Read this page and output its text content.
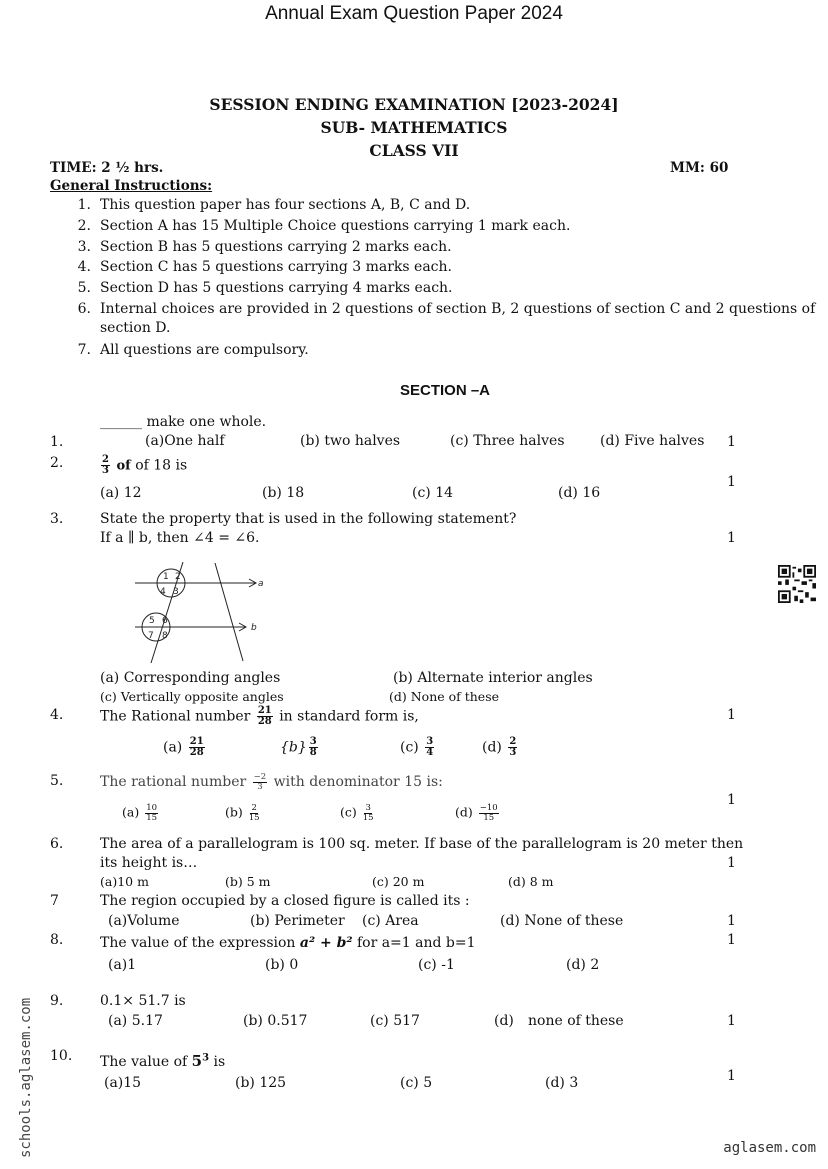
Annual Exam Question Paper 2024
SESSION ENDING EXAMINATION [2023-2024]
SUB- MATHEMATICS
CLASS VII
TIME: 2 ½ hrs.	MM: 60
General Instructions:
1. This question paper has four sections A, B, C and D.
2. Section A has 15 Multiple Choice questions carrying 1 mark each.
3. Section B has 5 questions carrying 2 marks each.
4. Section C has 5 questions carrying 3 marks each.
5. Section D has 5 questions carrying 4 marks each.
6. Internal choices are provided in 2 questions of section B, 2 questions of section C and 2 questions of
section D.
7. All questions are compulsory.
SECTION –A
______ make one whole.
1.	(a)One half	(b) two halves	(c) Three halves	(d) Five halves 1
2.	$\frac{2}{3}$ of of 18 is
(a) 12	(b) 18	(c) 14	(d) 16
1
3.	State the property that is used in the following statement?
If a ∥ b, then ∠4 = ∠6.	1
1 2
3
4
5 6
8
7
a
b
(a) Corresponding angles	(b) Alternate interior angles
(c) Vertically opposite angles	(d) None of these
4.	The Rational number $\frac{21}{28}$ in standard form is,	1
$(a) \frac{21}{28}$	$\{b\} \frac{3}{8}$	$(c) \frac{3}{4}$	$(d) \frac{2}{3}$
5.	The rational number $\frac{-2}{3}$ with denominator 15 is:
1
$(a) \frac{10}{15}$	$(b) \frac{2}{15}$	$(c) \frac{3}{15}$	$(d) \frac{-10}{15}$
6.	The area of a parallelogram is 100 sq. meter. If base of the parallelogram is 20 meter then
its height is…	1
(a)10 m	(b) 5 m	(c) 20 m	(d) 8 m
7	The region occupied by a closed figure is called its :
(a)Volume	(b) Perimeter (c) Area	(d) None of these	1
8.	The value of the expression a² + b² for a=1 and b=1	1
(a)1	(b) 0	(c) -1	(d) 2
9.	0.1× 51.7 is
(a) 5.17	(b) 0.517	(c) 517	(d) none of these	1
10. The value of $5^3$ is
1
(a)15	(b) 125	(c) 5	(d) 3
schools.aglasem.com	aglasem.com
